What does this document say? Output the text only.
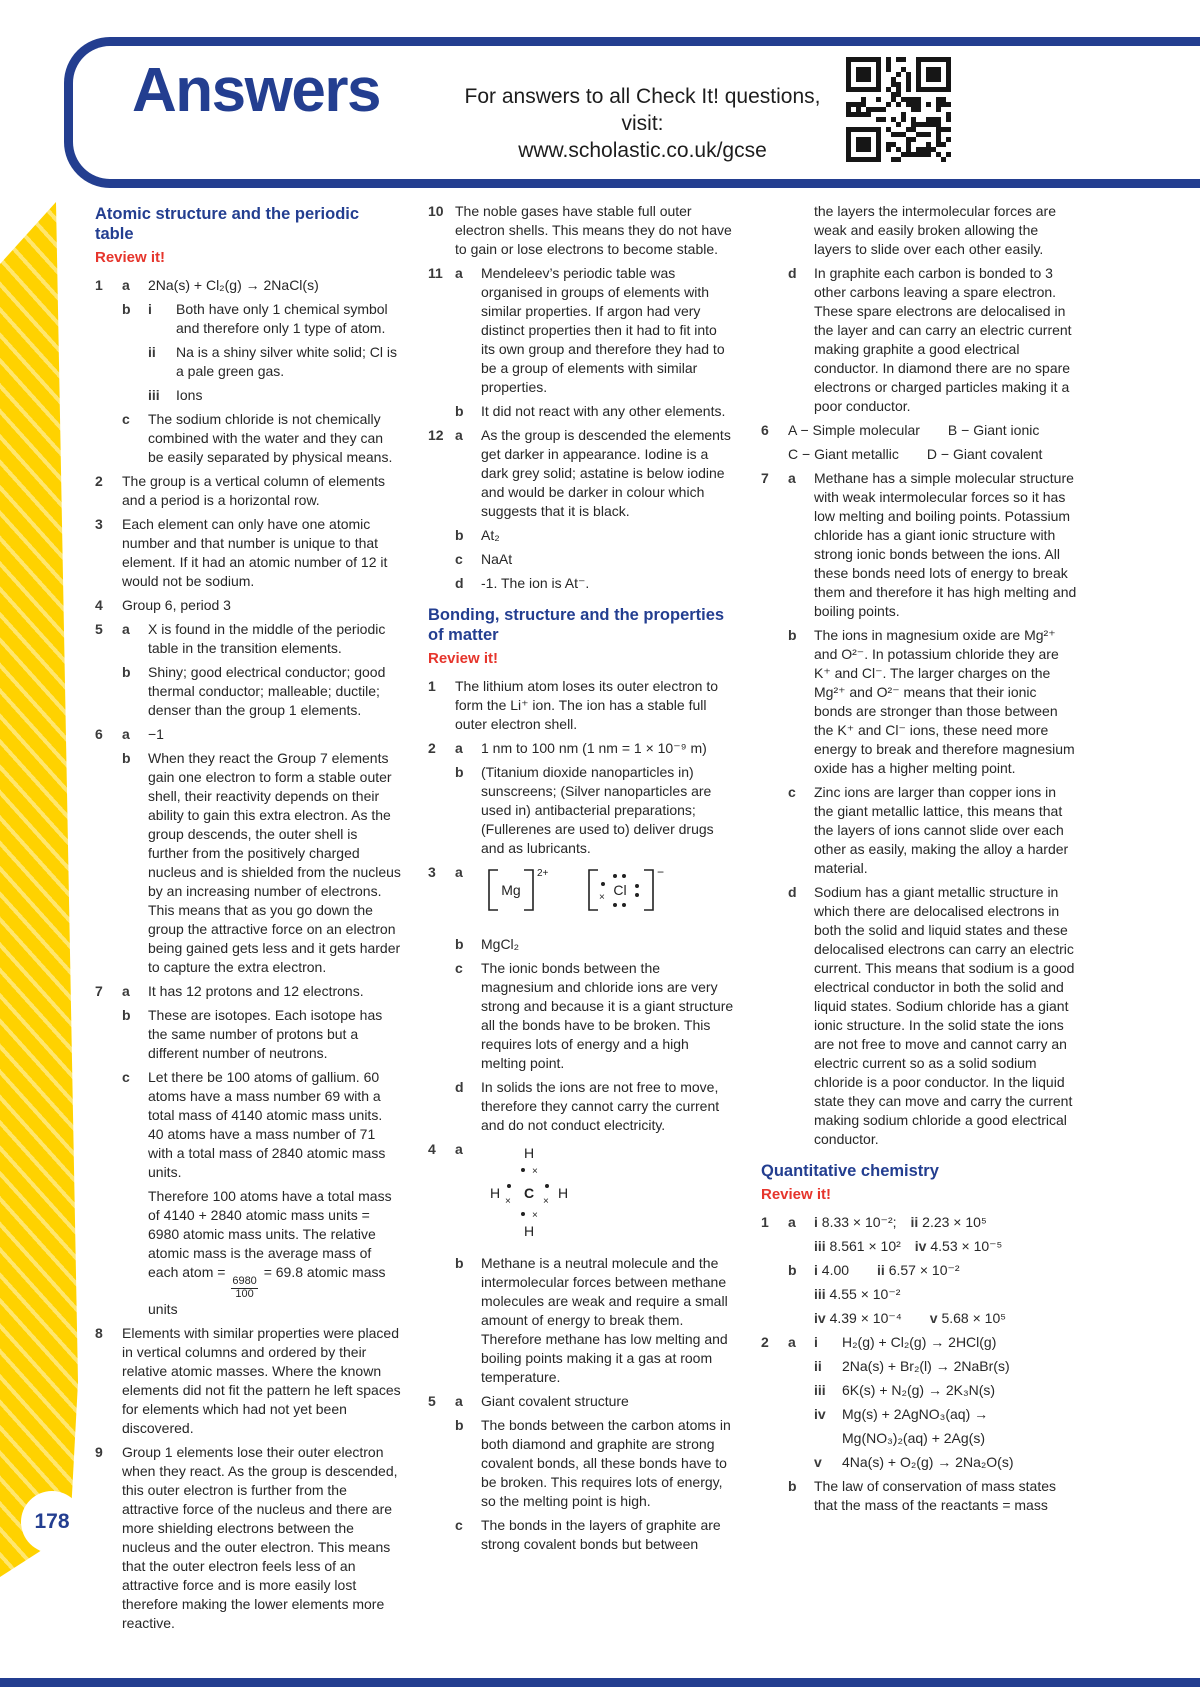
Answers	For answers to all Check It! questions, visit:
www.scholastic.co.uk/gcse
178
Atomic structure and the periodic table
Review it!
1 a 2Na(s) + Cl₂(g) → 2NaCl(s)
b i Both have only 1 chemical symbol and therefore only 1 type of atom.
ii Na is a shiny silver white solid; Cl is a pale green gas.
iii Ions
c The sodium chloride is not chemically combined with the water and they can be easily separated by physical means.
2 The group is a vertical column of elements and a period is a horizontal row.
3 Each element can only have one atomic number and that number is unique to that element. If it had an atomic number of 12 it would not be sodium.
4 Group 6, period 3
5 a X is found in the middle of the periodic table in the transition elements.
b Shiny; good electrical conductor; good thermal conductor; malleable; ductile; denser than the group 1 elements.
6 a −1
b When they react the Group 7 elements gain one electron to form a stable outer shell, their reactivity depends on their ability to gain this extra electron. As the group descends, the outer shell is further from the positively charged nucleus and is shielded from the nucleus by an increasing number of electrons. This means that as you go down the group the attractive force on an electron being gained gets less and it gets harder to capture the extra electron.
7 a It has 12 protons and 12 electrons.
b These are isotopes. Each isotope has the same number of protons but a different number of neutrons.
c Let there be 100 atoms of gallium. 60 atoms have a mass number 69 with a total mass of 4140 atomic mass units. 40 atoms have a mass number of 71 with a total mass of 2840 atomic mass units.
Therefore 100 atoms have a total mass of 4140 + 2840 atomic mass units = 6980 atomic mass units. The relative atomic mass is the average mass of each atom =
$\frac{6980}{100}$
= 69.8 atomic mass units
8 Elements with similar properties were placed in vertical columns and ordered by their relative atomic masses. Where the known elements did not fit the pattern he left spaces for elements which had not yet been discovered.
9 Group 1 elements lose their outer electron when they react. As the group is descended, this outer electron is further from the attractive force of the nucleus and there are more shielding electrons between the nucleus and the outer electron. This means that the outer electron feels less of an attractive force and is more easily lost therefore making the lower elements more reactive.
10 The noble gases have stable full outer electron shells. This means they do not have to gain or lose electrons to become stable.
11 a Mendeleev’s periodic table was organised in groups of elements with similar properties. If argon had very distinct properties then it had to fit into its own group and therefore they had to be a group of elements with similar properties.
b It did not react with any other elements.
12 a As the group is descended the elements get darker in appearance. Iodine is a dark grey solid; astatine is below iodine and would be darker in colour which suggests that it is black.
b At₂
c NaAt
d -1. The ion is At⁻.
Bonding, structure and the properties of matter
Review it!
1 The lithium atom loses its outer electron to form the Li⁺ ion. The ion has a stable full outer electron shell.
2 a 1 nm to 100 nm (1 nm = 1 × 10⁻⁹ m)
b (Titanium dioxide nanoparticles in) sunscreens; (Silver nanoparticles are used in) antibacterial preparations; (Fullerenes are used to) deliver drugs and as lubricants.
3 a
Mg
2+
Cl
−
×
b MgCl₂
c The ionic bonds between the magnesium and chloride ions are very strong and because it is a giant structure all the bonds have to be broken. This requires lots of energy and a high melting point.
d In solids the ions are not free to move, therefore they cannot carry the current and do not conduct electricity.
4 a	H
H	H
H
C
×
×
×	×
b Methane is a neutral molecule and the intermolecular forces between methane molecules are weak and require a small amount of energy to break them. Therefore methane has low melting and boiling points making it a gas at room temperature.
5 a Giant covalent structure
b The bonds between the carbon atoms in both diamond and graphite are strong covalent bonds, all these bonds have to be broken. This requires lots of energy, so the melting point is high.
c The bonds in the layers of graphite are strong covalent bonds but between
the layers the intermolecular forces are weak and easily broken allowing the layers to slide over each other easily.
d In graphite each carbon is bonded to 3 other carbons leaving a spare electron. These spare electrons are delocalised in the layer and can carry an electric current making graphite a good electrical conductor. In diamond there are no spare electrons or charged particles making it a poor conductor.
6 A − Simple molecular B − Giant ionic
C − Giant metallic D − Giant covalent
7 a Methane has a simple molecular structure with weak intermolecular forces so it has low melting and boiling points. Potassium chloride has a giant ionic structure with strong ionic bonds between the ions. All these bonds need lots of energy to break them and therefore it has high melting and boiling points.
b The ions in magnesium oxide are Mg²⁺ and O²⁻. In potassium chloride they are K⁺ and Cl⁻. The larger charges on the Mg²⁺ and O²⁻ means that their ionic bonds are stronger than those between the K⁺ and Cl⁻ ions, these need more energy to break and therefore magnesium oxide has a higher melting point.
c Zinc ions are larger than copper ions in the giant metallic lattice, this means that the layers of ions cannot slide over each other as easily, making the alloy a harder material.
d Sodium has a giant metallic structure in which there are delocalised electrons in both the solid and liquid states and these delocalised electrons can carry an electric current. This means that sodium is a good electrical conductor in both the solid and liquid states. Sodium chloride has a giant ionic structure. In the solid state the ions are not free to move and cannot carry an electric current so as a solid sodium chloride is a poor conductor. In the liquid state they can move and carry the current making sodium chloride a good electrical conductor.
Quantitative chemistry
Review it!
1 a i 8.33 × 10⁻²; ii 2.23 × 10⁵
iii 8.561 × 10² iv 4.53 × 10⁻⁵
b i 4.00 ii 6.57 × 10⁻²
iii 4.55 × 10⁻²
iv 4.39 × 10⁻⁴ v 5.68 × 10⁵
2 a i H₂(g) + Cl₂(g) → 2HCl(g)
ii 2Na(s) + Br₂(l) → 2NaBr(s)
iii 6K(s) + N₂(g) → 2K₃N(s)
iv Mg(s) + 2AgNO₃(aq) →
Mg(NO₃)₂(aq) + 2Ag(s)
v 4Na(s) + O₂(g) → 2Na₂O(s)
b The law of conservation of mass states that the mass of the reactants = mass
